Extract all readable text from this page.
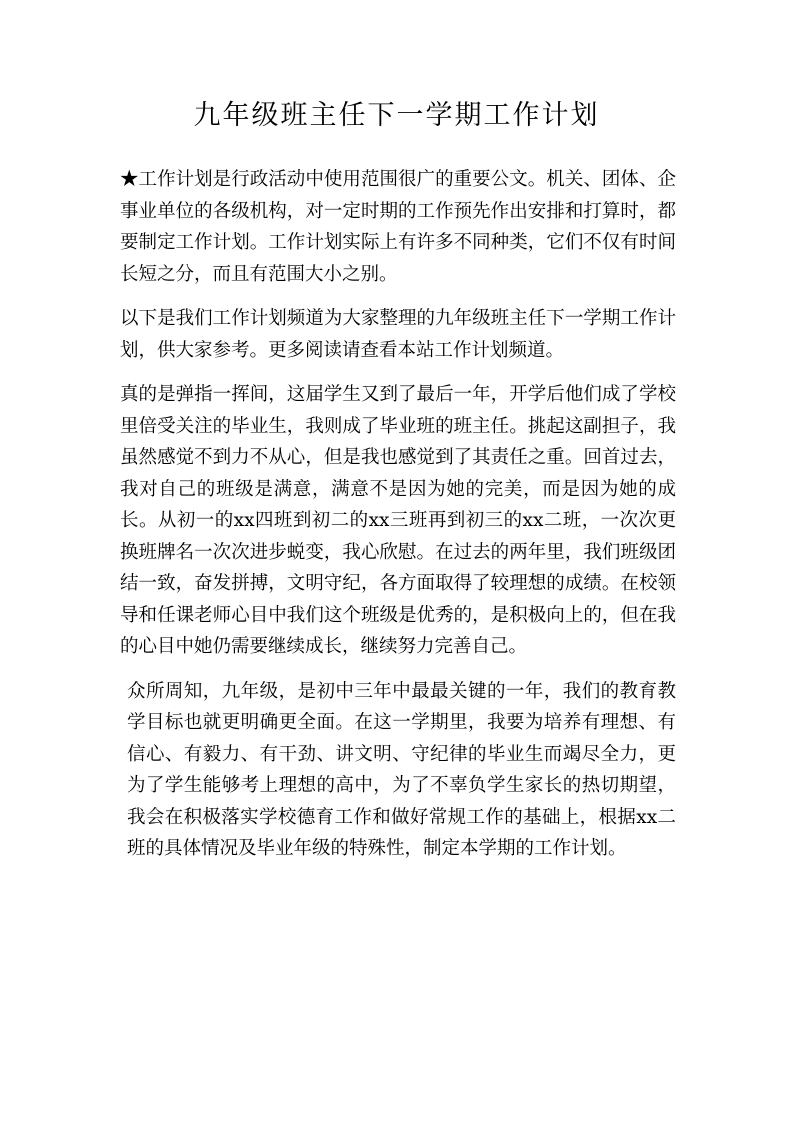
九年级班主任下一学期工作计划

★工作计划是行政活动中使用范围很广的重要公文。机关、团体、企事业单位的各级机构，对一定时期的工作预先作出安排和打算时，都要制定工作计划。工作计划实际上有许多不同种类，它们不仅有时间长短之分，而且有范围大小之别。

以下是我们工作计划频道为大家整理的九年级班主任下一学期工作计划，供大家参考。更多阅读请查看本站工作计划频道。

真的是弹指一挥间，这届学生又到了最后一年，开学后他们成了学校里倍受关注的毕业生，我则成了毕业班的班主任。挑起这副担子，我虽然感觉不到力不从心，但是我也感觉到了其责任之重。回首过去，我对自己的班级是满意，满意不是因为她的完美，而是因为她的成长。从初一的xx四班到初二的xx三班再到初三的xx二班，一次次更换班牌名一次次进步蜕变，我心欣慰。在过去的两年里，我们班级团结一致，奋发拼搏，文明守纪，各方面取得了较理想的成绩。在校领导和任课老师心目中我们这个班级是优秀的，是积极向上的，但在我的心目中她仍需要继续成长，继续努力完善自己。

众所周知，九年级，是初中三年中最最关键的一年，我们的教育教学目标也就更明确更全面。在这一学期里，我要为培养有理想、有信心、有毅力、有干劲、讲文明、守纪律的毕业生而竭尽全力，更为了学生能够考上理想的高中，为了不辜负学生家长的热切期望，我会在积极落实学校德育工作和做好常规工作的基础上，根据xx二班的具体情况及毕业年级的特殊性，制定本学期的工作计划。
